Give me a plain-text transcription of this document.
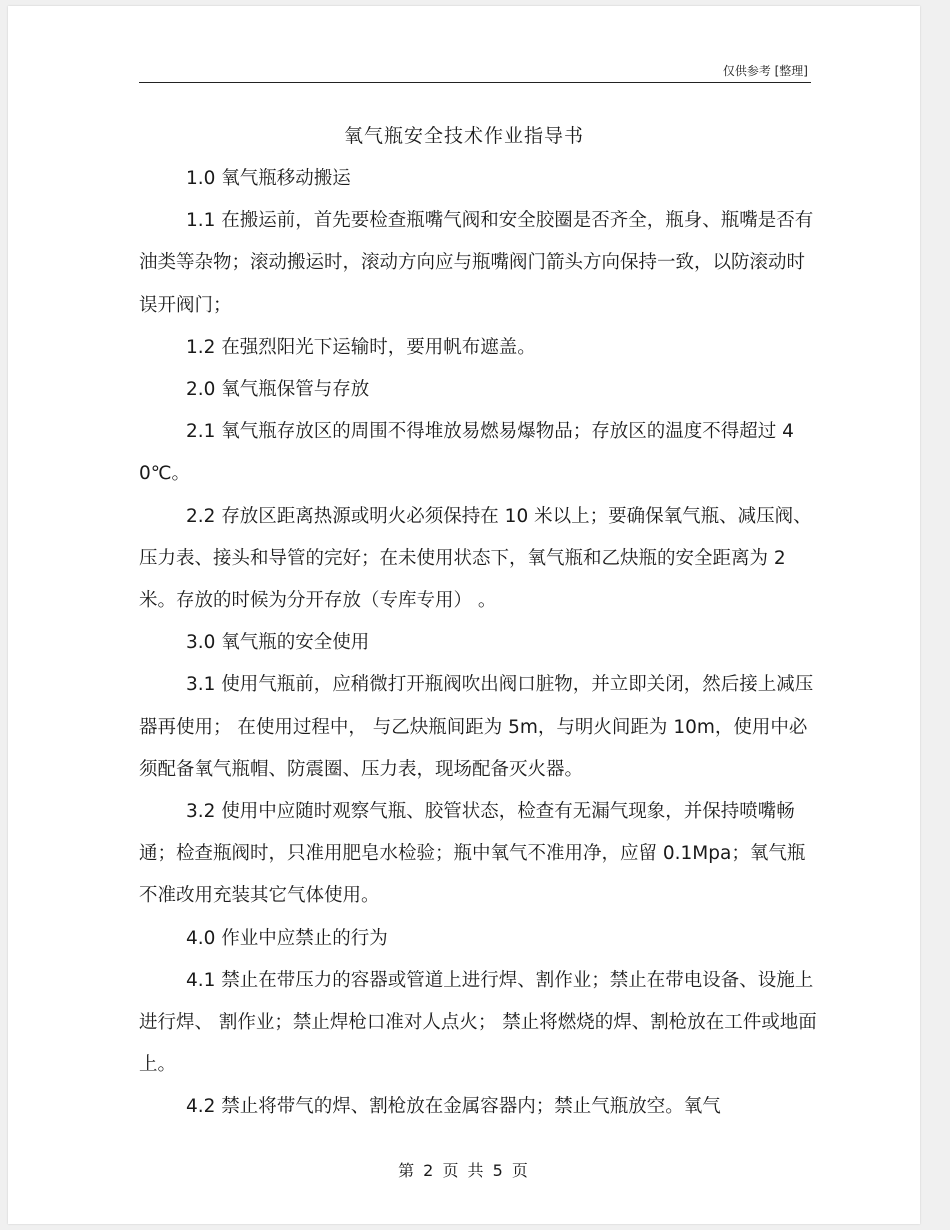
仅供参考 [整理]
氧气瓶安全技术作业指导书

1.0 氧气瓶移动搬运

1.1 在搬运前，首先要检查瓶嘴气阀和安全胶圈是否齐全，瓶身、瓶嘴是否有油类等杂物；滚动搬运时，滚动方向应与瓶嘴阀门箭头方向保持一致，以防滚动时误开阀门；

1.2 在强烈阳光下运输时，要用帆布遮盖。

2.0 氧气瓶保管与存放

2.1 氧气瓶存放区的周围不得堆放易燃易爆物品；存放区的温度不得超过 40℃。

2.2 存放区距离热源或明火必须保持在 10 米以上；要确保氧气瓶、减压阀、压力表、接头和导管的完好；在未使用状态下，氧气瓶和乙炔瓶的安全距离为 2 米。存放的时候为分开存放（专库专用） 。

3.0 氧气瓶的安全使用

3.1 使用气瓶前，应稍微打开瓶阀吹出阀口脏物，并立即关闭，然后接上减压器再使用； 在使用过程中， 与乙炔瓶间距为 5m，与明火间距为 10m，使用中必须配备氧气瓶帽、防震圈、压力表，现场配备灭火器。

3.2 使用中应随时观察气瓶、胶管状态，检查有无漏气现象，并保持喷嘴畅通；检查瓶阀时，只准用肥皂水检验；瓶中氧气不准用净，应留 0.1Mpa；氧气瓶不准改用充装其它气体使用。

4.0 作业中应禁止的行为

4.1 禁止在带压力的容器或管道上进行焊、割作业；禁止在带电设备、设施上进行焊、 割作业；禁止焊枪口准对人点火； 禁止将燃烧的焊、割枪放在工件或地面上。

4.2 禁止将带气的焊、割枪放在金属容器内；禁止气瓶放空。氧气

第 2 页 共 5 页
